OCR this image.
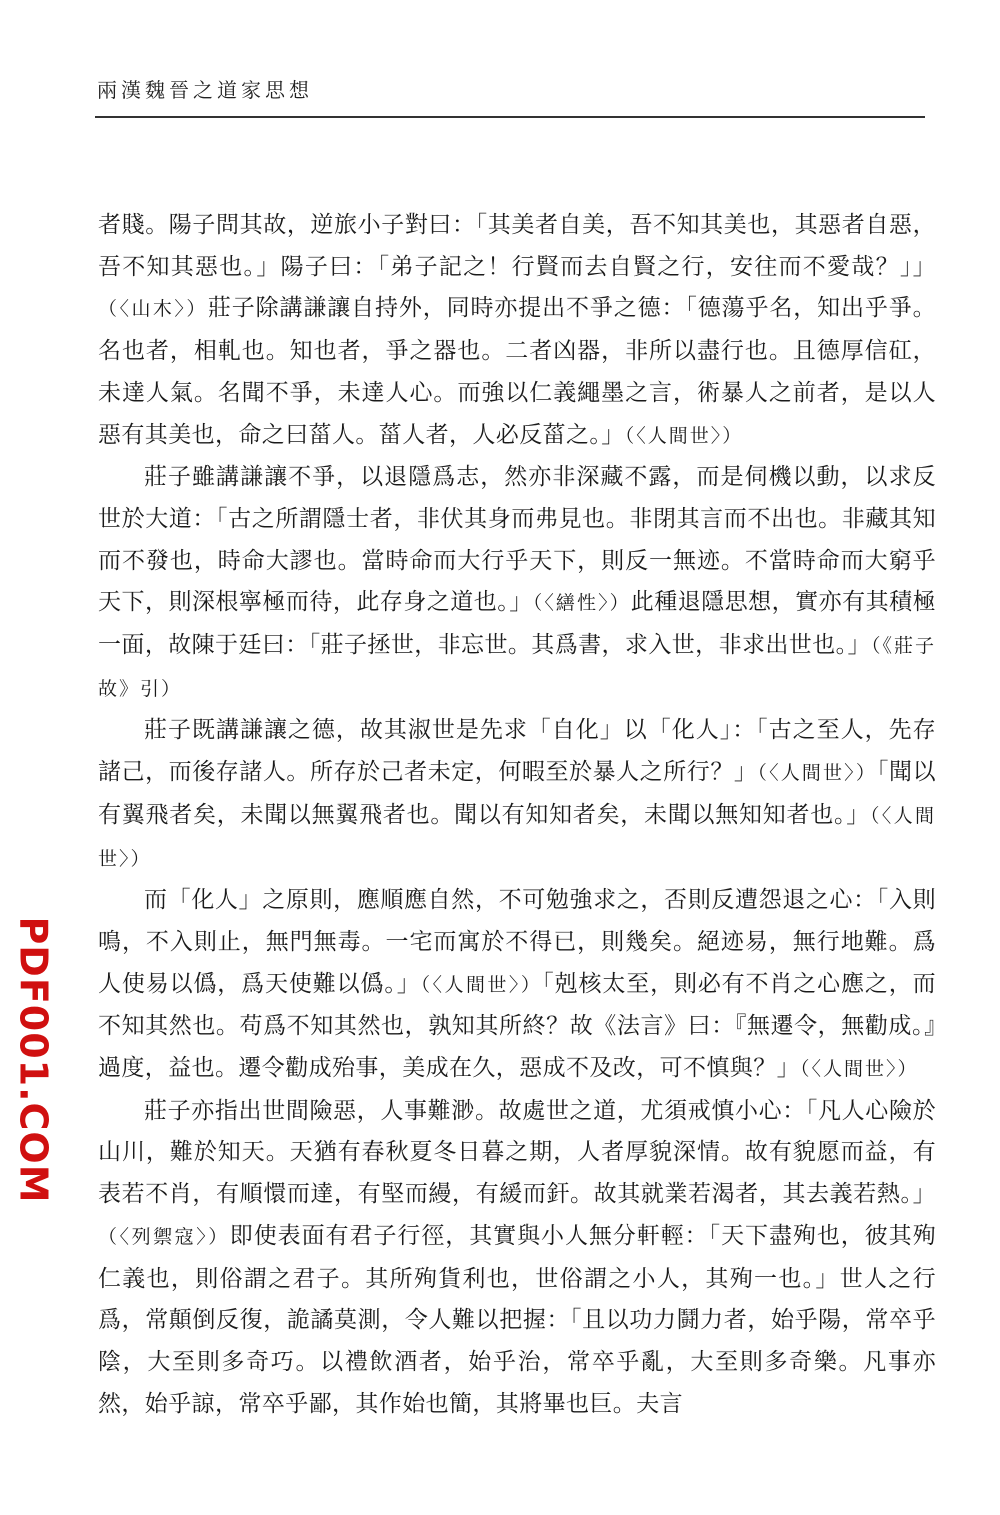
兩漢魏晉之道家思想

者賤。陽子問其故，逆旅小子對曰：「其美者自美，吾不知其美也，其惡者自惡，吾不知其惡也。」陽子曰：「弟子記之！行賢而去自賢之行，安往而不愛哉？」」（〈山木〉）莊子除講謙讓自持外，同時亦提出不爭之德：「德蕩乎名，知出乎爭。名也者，相軋也。知也者，爭之器也。二者凶器，非所以盡行也。且德厚信矼，未達人氣。名聞不爭，未達人心。而強以仁義繩墨之言，術暴人之前者，是以人惡有其美也，命之曰菑人。菑人者，人必反菑之。」（〈人間世〉）

莊子雖講謙讓不爭，以退隱爲志，然亦非深藏不露，而是伺機以動，以求反世於大道：「古之所謂隱士者，非伏其身而弗見也。非閉其言而不出也。非藏其知而不發也，時命大謬也。當時命而大行乎天下，則反一無迹。不當時命而大窮乎天下，則深根寧極而待，此存身之道也。」（〈繕性〉）此種退隱思想，實亦有其積極一面，故陳于廷曰：「莊子拯世，非忘世。其爲書，求入世，非求出世也。」（《莊子故》引）

莊子既講謙讓之德，故其淑世是先求「自化」以「化人」：「古之至人，先存諸己，而後存諸人。所存於己者未定，何暇至於暴人之所行？」（〈人間世〉）「聞以有翼飛者矣，未聞以無翼飛者也。聞以有知知者矣，未聞以無知知者也。」（〈人間世〉）

而「化人」之原則，應順應自然，不可勉強求之，否則反遭怨退之心：「入則鳴，不入則止，無門無毒。一宅而寓於不得已，則幾矣。絕迹易，無行地難。爲人使易以僞，爲天使難以僞。」（〈人間世〉）「剋核太至，則必有不肖之心應之，而不知其然也。苟爲不知其然也，孰知其所終？故《法言》曰：『無遷令，無勸成。』過度，益也。遷令勸成殆事，美成在久，惡成不及改，可不慎與？」（〈人間世〉）

莊子亦指出世間險惡，人事難渺。故處世之道，尤須戒慎小心：「凡人心險於山川，難於知天。天猶有春秋夏冬日暮之期，人者厚貌深情。故有貌愿而益，有表若不肖，有順懁而達，有堅而縵，有緩而釬。故其就業若渴者，其去義若熱。」（〈列禦寇〉）即使表面有君子行徑，其實與小人無分軒輕：「天下盡殉也，彼其殉仁義也，則俗謂之君子。其所殉貨利也，世俗謂之小人，其殉一也。」世人之行爲，常顛倒反復，詭譎莫測，令人難以把握：「且以功力鬪力者，始乎陽，常卒乎陰，大至則多奇巧。以禮飲酒者，始乎治，常卒乎亂，大至則多奇樂。凡事亦然，始乎諒，常卒乎鄙，其作始也簡，其將畢也巨。夫言

PDF001.COM
